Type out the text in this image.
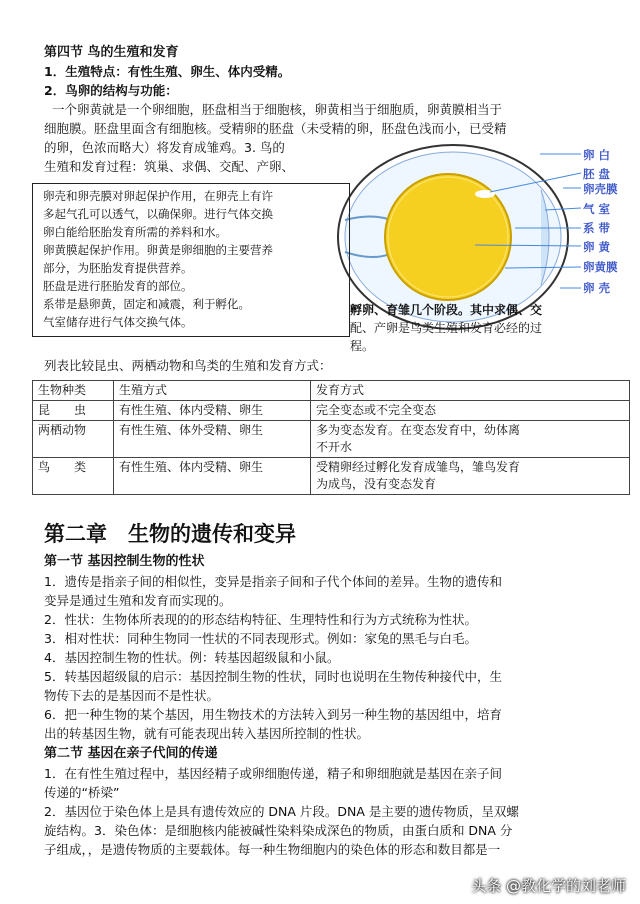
第四节 鸟的生殖和发育
1．生殖特点：有性生殖、卵生、体内受精。
2．鸟卵的结构与功能：
一个卵黄就是一个卵细胞，胚盘相当于细胞核，卵黄相当于细胞质，卵黄膜相当于
细胞膜。胚盘里面含有细胞核。受精卵的胚盘（未受精的卵，胚盘色浅而小，已受精
的卵，色浓而略大）将发育成雏鸡。3. 鸟的
生殖和发育过程：筑巢、求偶、交配、产卵、
卵 白
胚 盘
卵壳膜
气 室
系 带
卵 黄
卵黄膜
卵 壳
卵壳和卵壳膜对卵起保护作用，在卵壳上有许
多起气孔可以透气，以确保卵。进行气体交换
卵白能给胚胎发育所需的养料和水。
卵黄膜起保护作用。卵黄是卵细胞的主要营养
部分，为胚胎发育提供营养。
胚盘是进行胚胎发育的部位。
系带是悬卵黄，固定和减震，利于孵化。
气室储存进行气体交换气体。
孵卵、育雏几个阶段。其中求偶、交
配、产卵是鸟类生殖和发育必经的过
程。
列表比较昆虫、两栖动物和鸟类的生殖和发育方式：
生物种类	生殖方式	发育方式
昆　　虫	有性生殖、体内受精、卵生	完全变态或不完全变态

两栖动物	有性生殖、体外受精、卵生	多为变态发育。在变态发育中，幼体离
不开水

鸟　　类	有性生殖、体内受精、卵生	受精卵经过孵化发育成雏鸟，雏鸟发育
为成鸟，没有变态发育
第二章　生物的遗传和变异
第一节 基因控制生物的性状
1．遗传是指亲子间的相似性，变异是指亲子间和子代个体间的差异。生物的遗传和
变异是通过生殖和发育而实现的。
2．性状：生物体所表现的的形态结构特征、生理特性和行为方式统称为性状。
3．相对性状：同种生物同一性状的不同表现形式。例如：家兔的黑毛与白毛。
4．基因控制生物的性状。例：转基因超级鼠和小鼠。
5．转基因超级鼠的启示：基因控制生物的性状，同时也说明在生物传种接代中，生
物传下去的是基因而不是性状。
6．把一种生物的某个基因，用生物技术的方法转入到另一种生物的基因组中，培育
出的转基因生物，就有可能表现出转入基因所控制的性状。
第二节 基因在亲子代间的传递
1．在有性生殖过程中，基因经精子或卵细胞传递，精子和卵细胞就是基因在亲子间
传递的“桥梁”
2．基因位于染色体上是具有遗传效应的 DNA 片段。DNA 是主要的遗传物质，呈双螺
旋结构。3．染色体：是细胞核内能被碱性染料染成深色的物质，由蛋白质和 DNA 分
子组成，，是遗传物质的主要载体。每一种生物细胞内的染色体的形态和数目都是一
头条 @教化学的刘老师
